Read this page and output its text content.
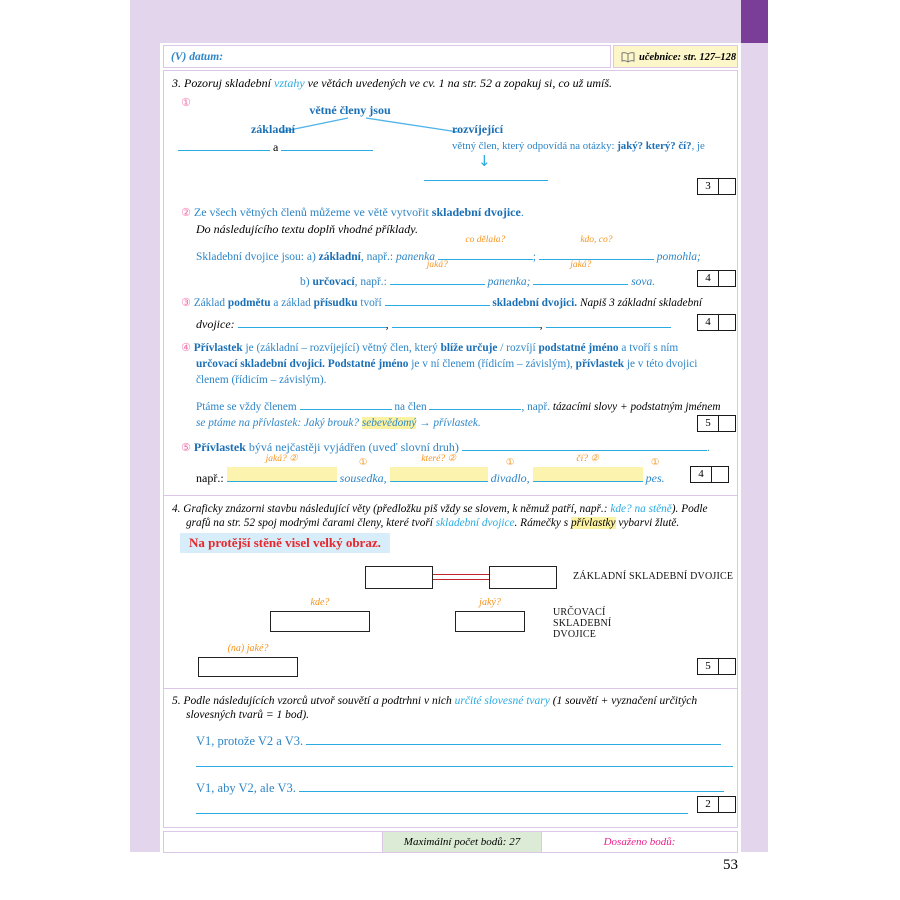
(V) datum:	učebnice: str. 127–128
3. Pozoruj skladební vztahy ve větách uvedených ve cv. 1 na str. 52 a zopakuj si, co už umíš.
①
větné členy jsou
základní	rozvíjející
a	větný člen, který odpovídá na otázky: jaký? který? čí?, je
↓
3
② Ze všech větných členů můžeme ve větě vytvořit skladební dvojice.
Do následujícího textu doplň vhodné příklady.
Skladební dvojice jsou: a) základní, např.: panenka
co dělala?
;
kdo, co?
pomohla;
b) určovací, např.:
jaká?
panenka;
jaká?
sova.	4
③ Základ podmětu a základ přísudku tvoří	skladební dvojici. Napiš 3 základní skladební
dvojice:	,	,	4
④ Přívlastek je (základní – rozvíjející) větný člen, který blíže určuje / rozvíjí podstatné jméno a tvoří s ním
určovací skladební dvojici. Podstatné jméno je v ní členem (řídicím – závislým), přívlastek je v této dvojici
členem (řídicím – závislým).
Ptáme se vždy členem	na člen	, např. tázacími slovy + podstatným jménem
se ptáme na přívlastek: Jaký brouk? sebevědomý → přívlastek.	5
⑤ Přívlastek bývá nejčastěji vyjádřen (uveď slovní druh)	.
např.:
jaká? ②
	①
sousedka,
které? ②
	①
divadlo,
čí? ②
	①
pes.	4
4. Graficky znázorni stavbu následující věty (předložku piš vždy se slovem, k němuž patří, např.: kde? na stěně). Podle
grafů na str. 52 spoj modrými čarami členy, které tvoří skladební dvojice. Rámečky s přívlastky vybarvi žlutě.
Na protější stěně visel velký obraz.
ZÁKLADNÍ SKLADEBNÍ DVOJICE
kde?	jaký?
URČOVACÍ
SKLADEBNÍ
DVOJICE
(na) jaké?
5
5. Podle následujících vzorců utvoř souvětí a podtrhni v nich určité slovesné tvary (1 souvětí + vyznačení určitých
slovesných tvarů = 1 bod).
V1, protože V2 a V3.
V1, aby V2, ale V3.
2
Maximální počet bodů: 27	Dosaženo bodů:
53
